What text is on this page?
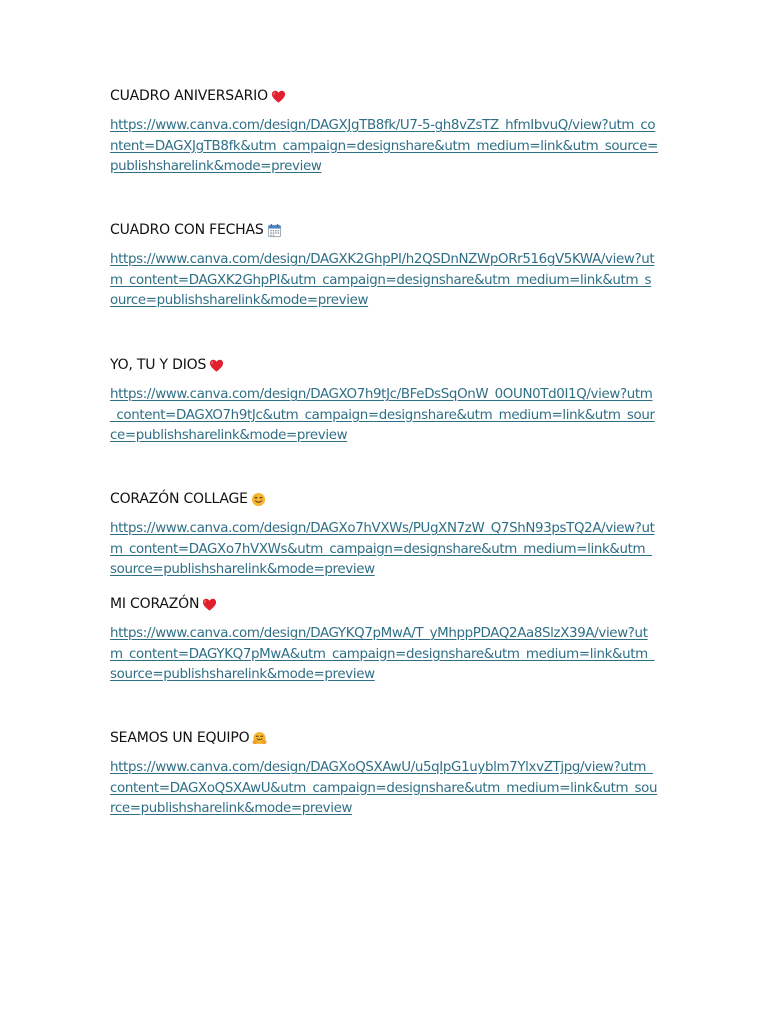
CUADRO ANIVERSARIO
https://www.canva.com/design/DAGXJgTB8fk/U7-5-gh8vZsTZ_hfmIbvuQ/view?utm_content=DAGXJgTB8fk&utm_campaign=designshare&utm_medium=link&utm_source=publishsharelink&mode=preview
CUADRO CON FECHAS
https://www.canva.com/design/DAGXK2GhpPI/h2QSDnNZWpORr516gV5KWA/view?utm_content=DAGXK2GhpPI&utm_campaign=designshare&utm_medium=link&utm_source=publishsharelink&mode=preview
YO, TU Y DIOS
https://www.canva.com/design/DAGXO7h9tJc/BFeDsSqOnW_0OUN0Td0I1Q/view?utm_content=DAGXO7h9tJc&utm_campaign=designshare&utm_medium=link&utm_source=publishsharelink&mode=preview
CORAZÓN COLLAGE
https://www.canva.com/design/DAGXo7hVXWs/PUgXN7zW_Q7ShN93psTQ2A/view?utm_content=DAGXo7hVXWs&utm_campaign=designshare&utm_medium=link&utm_source=publishsharelink&mode=preview
MI CORAZÓN
https://www.canva.com/design/DAGYKQ7pMwA/T_yMhppPDAQ2Aa8SlzX39A/view?utm_content=DAGYKQ7pMwA&utm_campaign=designshare&utm_medium=link&utm_source=publishsharelink&mode=preview
SEAMOS UN EQUIPO
https://www.canva.com/design/DAGXoQSXAwU/u5qIpG1uyblm7YlxvZTjpg/view?utm_content=DAGXoQSXAwU&utm_campaign=designshare&utm_medium=link&utm_source=publishsharelink&mode=preview
